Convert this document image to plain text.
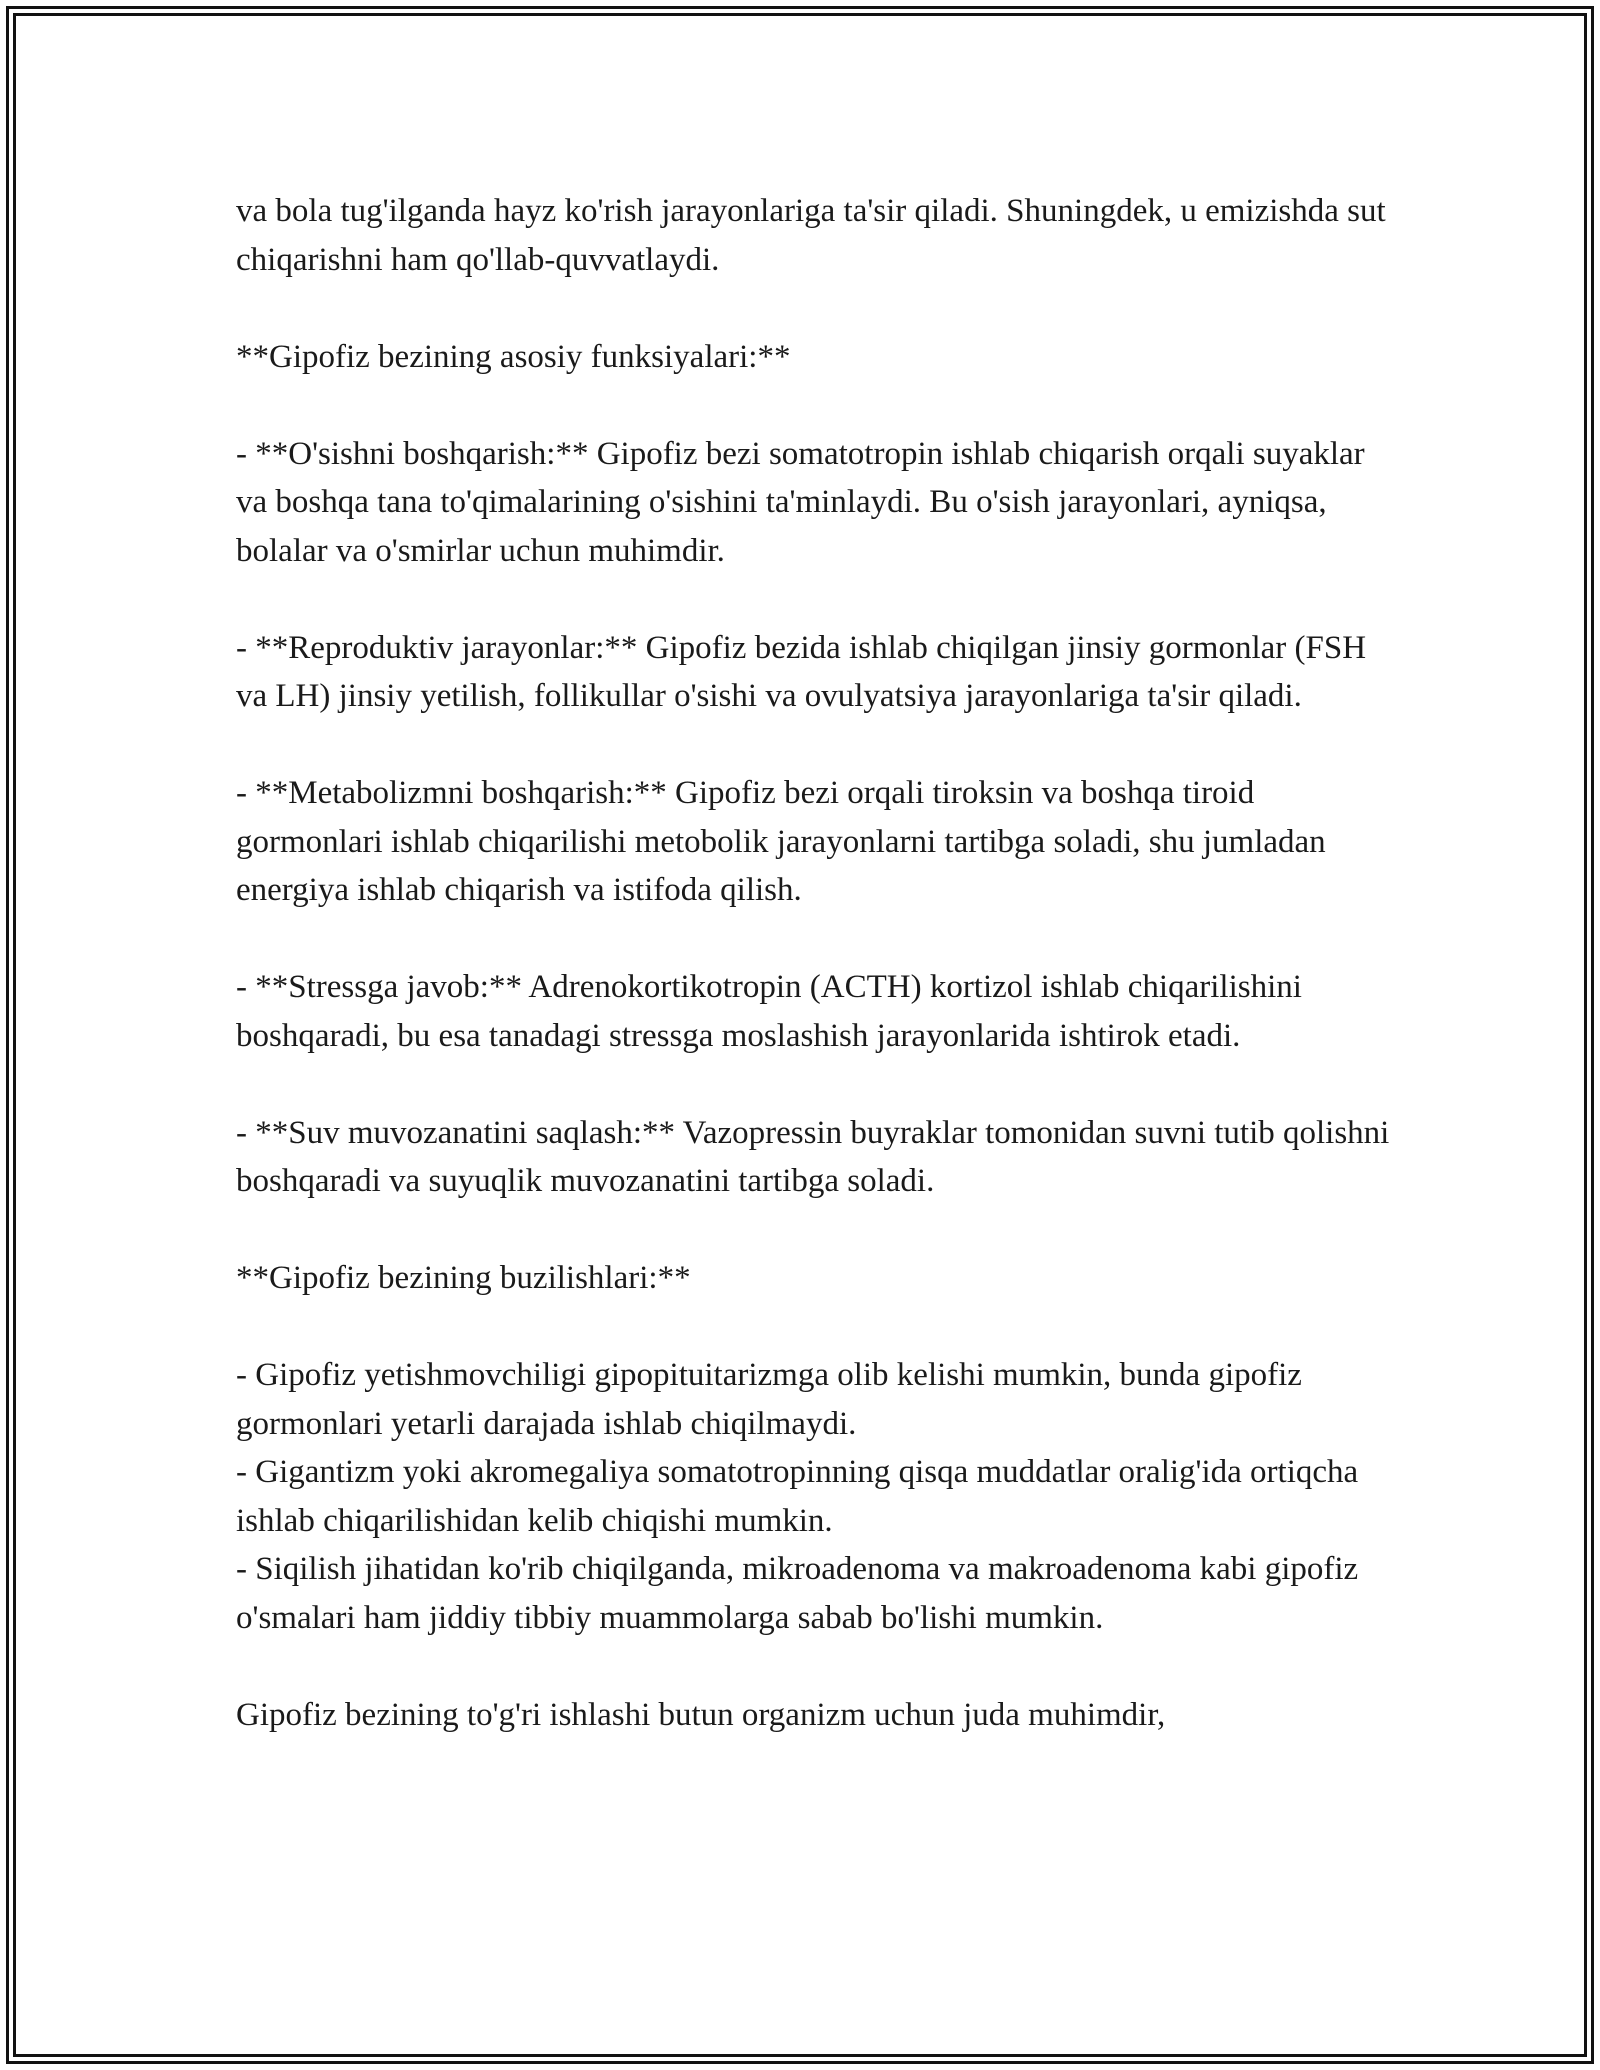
va bola tug'ilganda hayz ko'rish jarayonlariga ta'sir qiladi. Shuningdek, u emizishda sut chiqarishni ham qo'llab-quvvatlaydi.

**Gipofiz bezining asosiy funksiyalari:**

- **O'sishni boshqarish:** Gipofiz bezi somatotropin ishlab chiqarish orqali suyaklar va boshqa tana to'qimalarining o'sishini ta'minlaydi. Bu o'sish jarayonlari, ayniqsa, bolalar va o'smirlar uchun muhimdir.

- **Reproduktiv jarayonlar:** Gipofiz bezida ishlab chiqilgan jinsiy gormonlar (FSH va LH) jinsiy yetilish, follikullar o'sishi va ovulyatsiya jarayonlariga ta'sir qiladi.

- **Metabolizmni boshqarish:** Gipofiz bezi orqali tiroksin va boshqa tiroid gormonlari ishlab chiqarilishi metobolik jarayonlarni tartibga soladi, shu jumladan energiya ishlab chiqarish va istifoda qilish.

- **Stressga javob:** Adrenokortikotropin (ACTH) kortizol ishlab chiqarilishini boshqaradi, bu esa tanadagi stressga moslashish jarayonlarida ishtirok etadi.

- **Suv muvozanatini saqlash:** Vazopressin buyraklar tomonidan suvni tutib qolishni boshqaradi va suyuqlik muvozanatini tartibga soladi.

**Gipofiz bezining buzilishlari:**

- Gipofiz yetishmovchiligi gipopituitarizmga olib kelishi mumkin, bunda gipofiz gormonlari yetarli darajada ishlab chiqilmaydi.

- Gigantizm yoki akromegaliya somatotropinning qisqa muddatlar oralig'ida ortiqcha ishlab chiqarilishidan kelib chiqishi mumkin.

- Siqilish jihatidan ko'rib chiqilganda, mikroadenoma va makroadenoma kabi gipofiz o'smalari ham jiddiy tibbiy muammolarga sabab bo'lishi mumkin.

Gipofiz bezining to'g'ri ishlashi butun organizm uchun juda muhimdir,
